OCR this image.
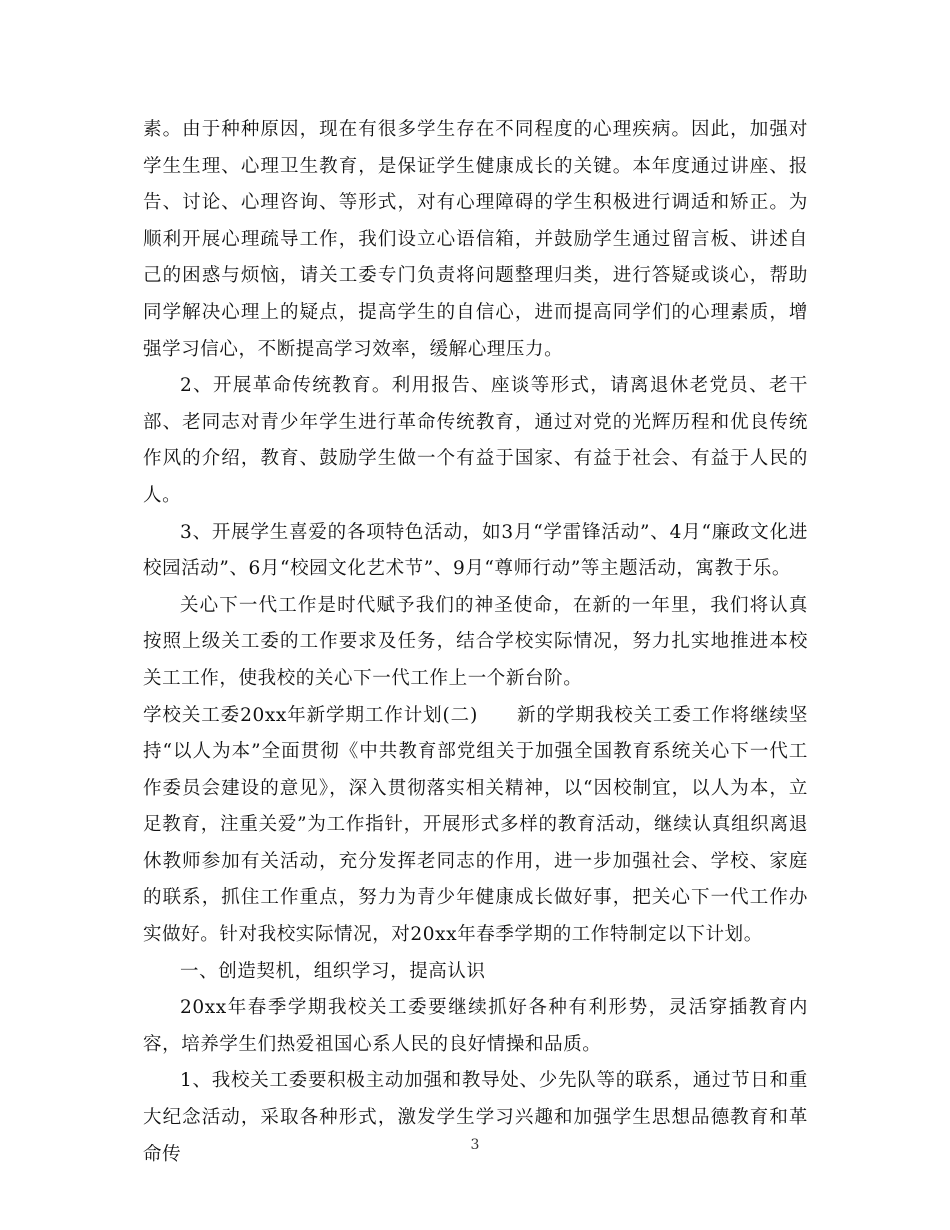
素。由于种种原因，现在有很多学生存在不同程度的心理疾病。因此，加强对学生生理、心理卫生教育，是保证学生健康成长的关键。本年度通过讲座、报告、讨论、心理咨询、等形式，对有心理障碍的学生积极进行调适和矫正。为顺利开展心理疏导工作，我们设立心语信箱，并鼓励学生通过留言板、讲述自己的困惑与烦恼，请关工委专门负责将问题整理归类，进行答疑或谈心，帮助同学解决心理上的疑点，提高学生的自信心，进而提高同学们的心理素质，增强学习信心，不断提高学习效率，缓解心理压力。

2、开展革命传统教育。利用报告、座谈等形式，请离退休老党员、老干部、老同志对青少年学生进行革命传统教育，通过对党的光辉历程和优良传统作风的介绍，教育、鼓励学生做一个有益于国家、有益于社会、有益于人民的人。

3、开展学生喜爱的各项特色活动，如3月“学雷锋活动”、4月“廉政文化进校园活动”、6月“校园文化艺术节”、9月“尊师行动”等主题活动，寓教于乐。

关心下一代工作是时代赋予我们的神圣使命，在新的一年里，我们将认真按照上级关工委的工作要求及任务，结合学校实际情况，努力扎实地推进本校关工工作，使我校的关心下一代工作上一个新台阶。

学校关工委20xx年新学期工作计划(二)　　新的学期我校关工委工作将继续坚持“以人为本”全面贯彻《中共教育部党组关于加强全国教育系统关心下一代工作委员会建设的意见》，深入贯彻落实相关精神，以“因校制宜，以人为本，立足教育，注重关爱”为工作指针，开展形式多样的教育活动，继续认真组织离退休教师参加有关活动，充分发挥老同志的作用，进一步加强社会、学校、家庭的联系，抓住工作重点，努力为青少年健康成长做好事，把关心下一代工作办实做好。针对我校实际情况，对20xx年春季学期的工作特制定以下计划。

一、创造契机，组织学习，提高认识

20xx年春季学期我校关工委要继续抓好各种有利形势，灵活穿插教育内容，培养学生们热爱祖国心系人民的良好情操和品质。

1、我校关工委要积极主动加强和教导处、少先队等的联系，通过节日和重大纪念活动，采取各种形式，激发学生学习兴趣和加强学生思想品德教育和革命传	3
